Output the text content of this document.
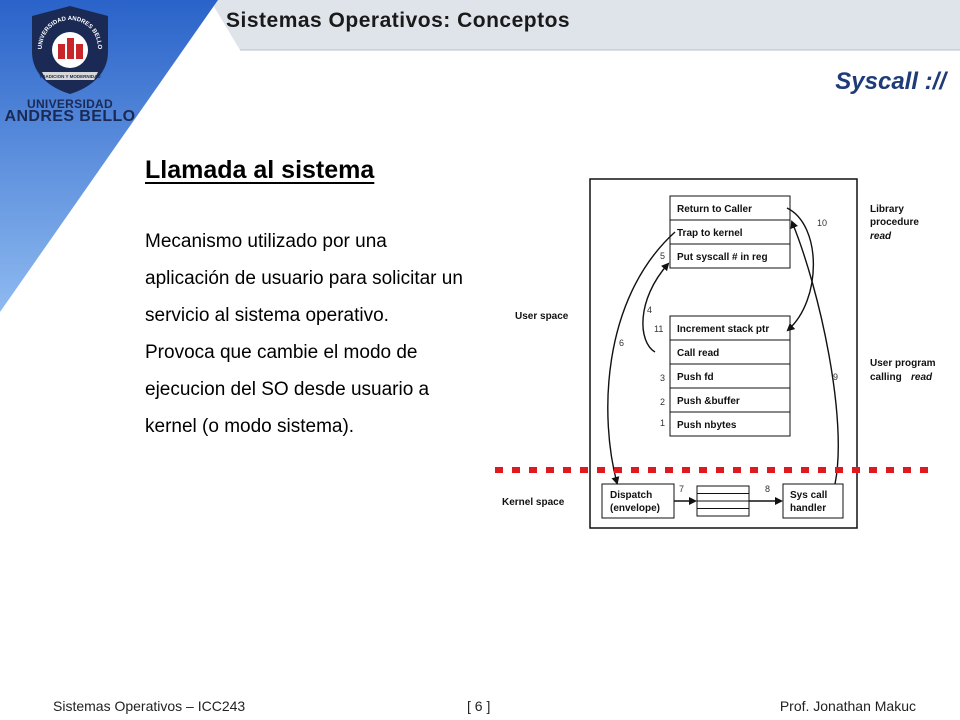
Sistemas Operativos: Conceptos
UNIVERSIDAD ANDRES BELLO
TRADICION Y MODERNIDAD
UNIVERSIDAD
ANDRES BELLO
Syscall ://
Llamada al sistema

Mecanismo utilizado por una aplicación de usuario para solicitar un servicio al sistema operativo.

Provoca que cambie el modo de ejecucion del SO desde usuario a kernel (o modo sistema).

Return to Caller
Trap to kernel
Put syscall # in reg
Increment stack ptr
Call read
Push fd
Push &buffer
Push nbytes
Dispatch
(envelope)
Sys call
handler
10
5
4
11
6
3
2
1
9
7	8
User space
Kernel space
Library
procedure
read
User program
calling read
Sistemas Operativos – ICC243	[ 6 ]	Prof. Jonathan Makuc
